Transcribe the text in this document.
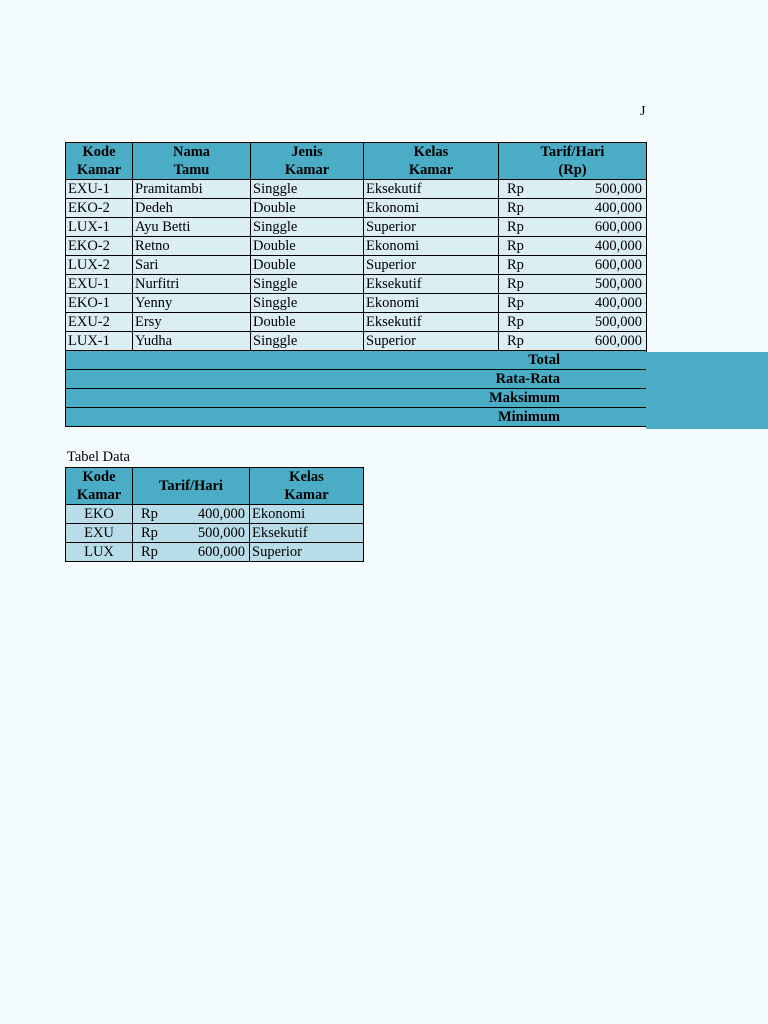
J
Kode	Nama	Jenis	Kelas	Tarif/Hari
Kamar	Tamu	Kamar	Kamar	(Rp)
EXU-1	Pramitambi	Singgle	Eksekutif	Rp 500,000

EKO-2	Dedeh	Double	Ekonomi	Rp 400,000

LUX-1	Ayu Betti	Singgle	Superior	Rp 600,000

EKO-2	Retno	Double	Ekonomi	Rp 400,000

LUX-2	Sari	Double	Superior	Rp 600,000

EXU-1	Nurfitri	Singgle	Eksekutif	Rp 500,000

EKO-1	Yenny	Singgle	Ekonomi	Rp 400,000

EXU-2	Ersy	Double	Eksekutif	Rp 500,000

LUX-1	Yudha	Singgle	Superior	Rp 600,000

Total				
Rata-Rata				
Maksimum				
Minimum				
Tabel Data
Kode	Tarif/Hari	Kelas
Kamar		Kamar
EKO	Rp 400,000	Ekonomi
EXU	Rp 500,000	Eksekutif
LUX	Rp 600,000	Superior
